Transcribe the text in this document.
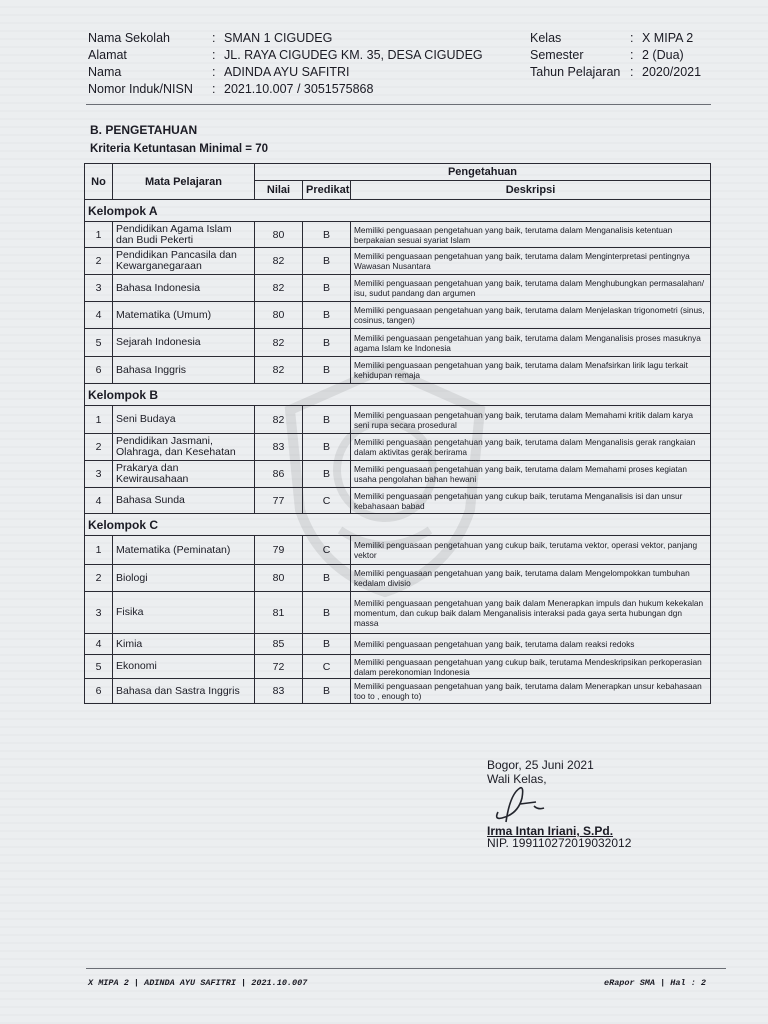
Nama Sekolah	: SMAN 1 CIGUDEG
Alamat	: JL. RAYA CIGUDEG KM. 35, DESA CIGUDEG
Nama	: ADINDA AYU SAFITRI
Nomor Induk/NISN : 2021.10.007 / 3051575868
Kelas	: X MIPA 2
Semester	: 2 (Dua)
Tahun Pelajaran : 2020/2021
B. PENGETAHUAN
Kriteria Ketuntasan Minimal = 70
No	Mata Pelajaran	Pengetahuan		
		Nilai	Predikat	Deskripsi
Kelompok A				
1	Pendidikan Agama Islam dan Budi Pekerti	80	B	Memiliki penguasaan pengetahuan yang baik, terutama dalam Menganalisis ketentuan berpakaian sesuai syariat Islam
2	Pendidikan Pancasila dan Kewarganegaraan	82	B	Memiliki penguasaan pengetahuan yang baik, terutama dalam Menginterpretasi pentingnya Wawasan Nusantara
3	Bahasa Indonesia	82	B	Memiliki penguasaan pengetahuan yang baik, terutama dalam Menghubungkan permasalahan/ isu, sudut pandang dan argumen
4	Matematika (Umum)	80	B	Memiliki penguasaan pengetahuan yang baik, terutama dalam Menjelaskan trigonometri (sinus, cosinus, tangen)
5	Sejarah Indonesia	82	B	Memiliki penguasaan pengetahuan yang baik, terutama dalam Menganalisis proses masuknya agama Islam ke Indonesia
6	Bahasa Inggris	82	B	Memiliki penguasaan pengetahuan yang baik, terutama dalam Menafsirkan lirik lagu terkait kehidupan remaja
Kelompok B				
1	Seni Budaya	82	B	Memiliki penguasaan pengetahuan yang baik, terutama dalam Memahami kritik dalam karya seni rupa secara prosedural
2	Pendidikan Jasmani, Olahraga, dan Kesehatan	83	B	Memiliki penguasaan pengetahuan yang baik, terutama dalam Menganalisis gerak rangkaian dalam aktivitas gerak berirama
3	Prakarya dan Kewirausahaan	86	B	Memiliki penguasaan pengetahuan yang baik, terutama dalam Memahami proses kegiatan usaha pengolahan bahan hewani
4	Bahasa Sunda	77	C	Memiliki penguasaan pengetahuan yang cukup baik, terutama Menganalisis isi dan unsur kebahasaan babad
Kelompok C				
1	Matematika (Peminatan)	79	C	Memiliki penguasaan pengetahuan yang cukup baik, terutama vektor, operasi vektor, panjang vektor
2	Biologi	80	B	Memiliki penguasaan pengetahuan yang baik, terutama dalam Mengelompokkan tumbuhan kedalam divisio
3	Fisika	81	B	Memiliki penguasaan pengetahuan yang baik dalam Menerapkan impuls dan hukum kekekalan momentum, dan cukup baik dalam Menganalisis interaksi pada gaya serta hubungan dgn massa
4	Kimia	85	B	Memiliki penguasaan pengetahuan yang baik, terutama dalam reaksi redoks
5	Ekonomi	72	C	Memiliki penguasaan pengetahuan yang cukup baik, terutama Mendeskripsikan perkoperasian dalam perekonomian Indonesia
6	Bahasa dan Sastra Inggris	83	B	Memiliki penguasaan pengetahuan yang baik, terutama dalam Menerapkan unsur kebahasaan too to , enough to)
Bogor, 25 Juni 2021
Wali Kelas,
Irma Intan Iriani, S.Pd.
NIP. 199110272019032012
X MIPA 2 | ADINDA AYU SAFITRI | 2021.10.007	eRapor SMA | Hal : 2
